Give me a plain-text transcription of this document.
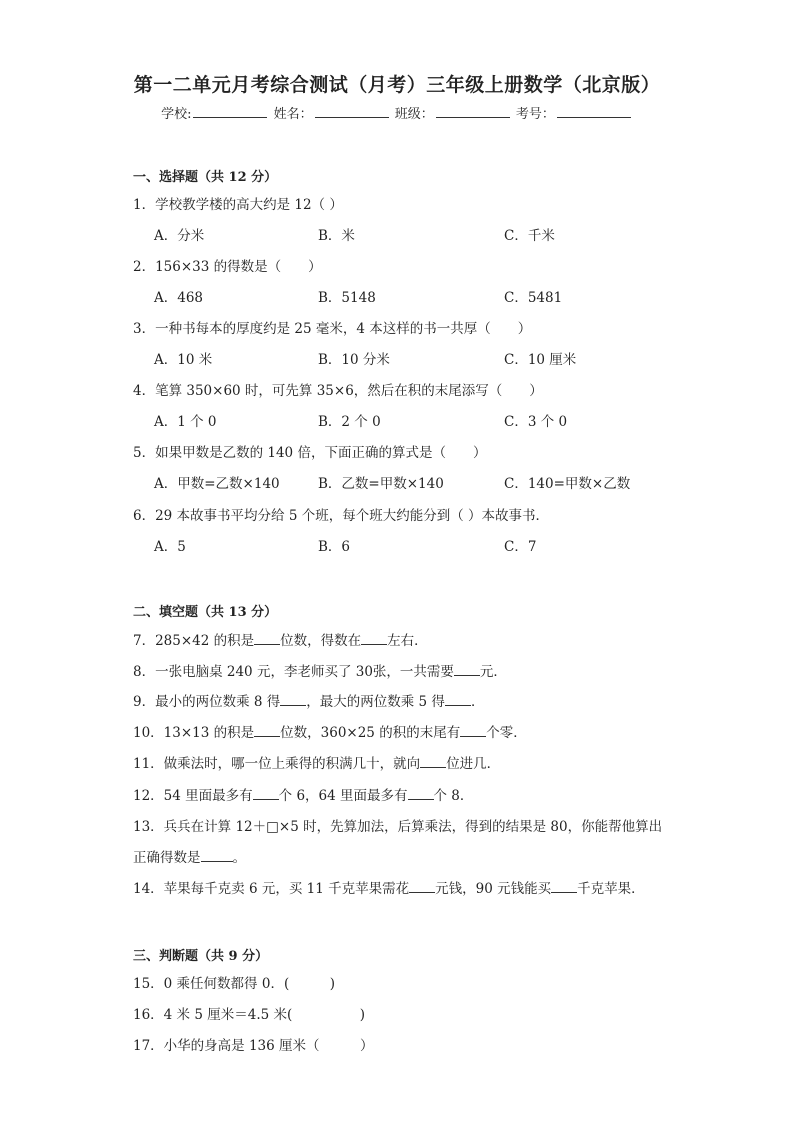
第一二单元月考综合测试（月考）三年级上册数学（北京版）
学校:	姓名：	班级：	考号：
一、选择题（共 12 分）
1．学校教学楼的高大约是 12（ ）
A．分米	B．米	C．千米
2．156×33 的得数是（　　）
A．468	B．5148	C．5481
3．一种书每本的厚度约是 25 毫米，4 本这样的书一共厚（　　）
A．10 米	B．10 分米	C．10 厘米
4．笔算 350×60 时，可先算 35×6，然后在积的末尾添写（　　）
A．1 个 0	B．2 个 0	C．3 个 0
5．如果甲数是乙数的 140 倍，下面正确的算式是（　　）
A．甲数=乙数×140	B．乙数=甲数×140	C．140=甲数×乙数
6．29 本故事书平均分给 5 个班，每个班大约能分到（ ）本故事书．
A．5	B．6	C．7
二、填空题（共 13 分）
7．285×42 的积是 位数，得数在 左右．
8．一张电脑桌 240 元，李老师买了 30张，一共需要 元．
9．最小的两位数乘 8 得 ，最大的两位数乘 5 得 ．
10．13×13 的积是 位数，360×25 的积的末尾有 个零．
11．做乘法时，哪一位上乘得的积满几十，就向 位进几．
12．54 里面最多有 个 6，64 里面最多有 个 8．
13．兵兵在计算 12＋□×5 时，先算加法，后算乘法，得到的结果是 80，你能帮他算出
正确得数是 。
14．苹果每千克卖 6 元，买 11 千克苹果需花 元钱，90 元钱能买 千克苹果．
三、判断题（共 9 分）
15．0 乘任何数都得 0．(　　　)
16．4 米 5 厘米＝4.5 米(　　　　　)
17．小华的身高是 136 厘米（　　　）
